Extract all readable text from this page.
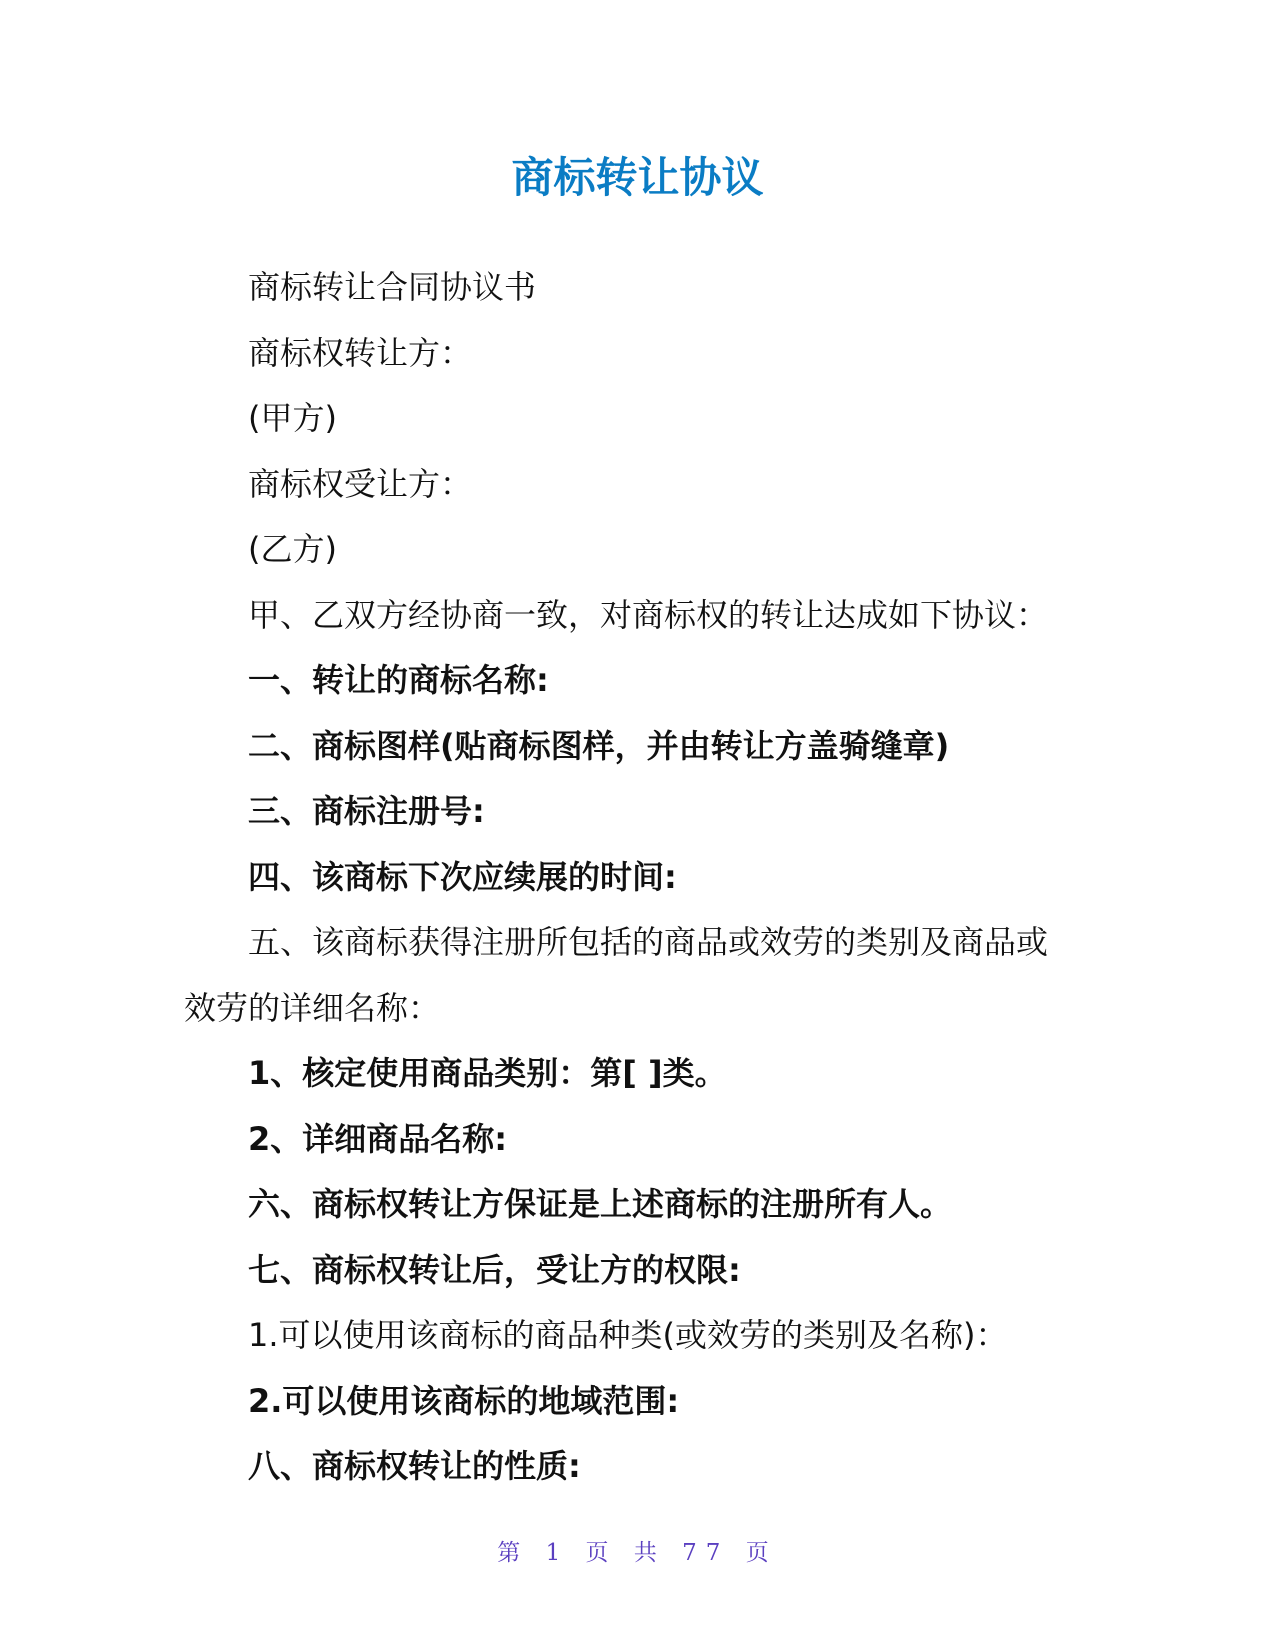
商标转让协议

商标转让合同协议书

商标权转让方：

(甲方)

商标权受让方：

(乙方)

甲、乙双方经协商一致，对商标权的转让达成如下协议：

一、转让的商标名称:

二、商标图样(贴商标图样，并由转让方盖骑缝章)

三、商标注册号:

四、该商标下次应续展的时间:

五、该商标获得注册所包括的商品或效劳的类别及商品或

效劳的详细名称：

1、核定使用商品类别：第[ ]类。

2、详细商品名称:

六、商标权转让方保证是上述商标的注册所有人。

七、商标权转让后，受让方的权限:

1.可以使用该商标的商品种类(或效劳的类别及名称)：

2.可以使用该商标的地域范围:

八、商标权转让的性质:

第 1 页 共 77 页
